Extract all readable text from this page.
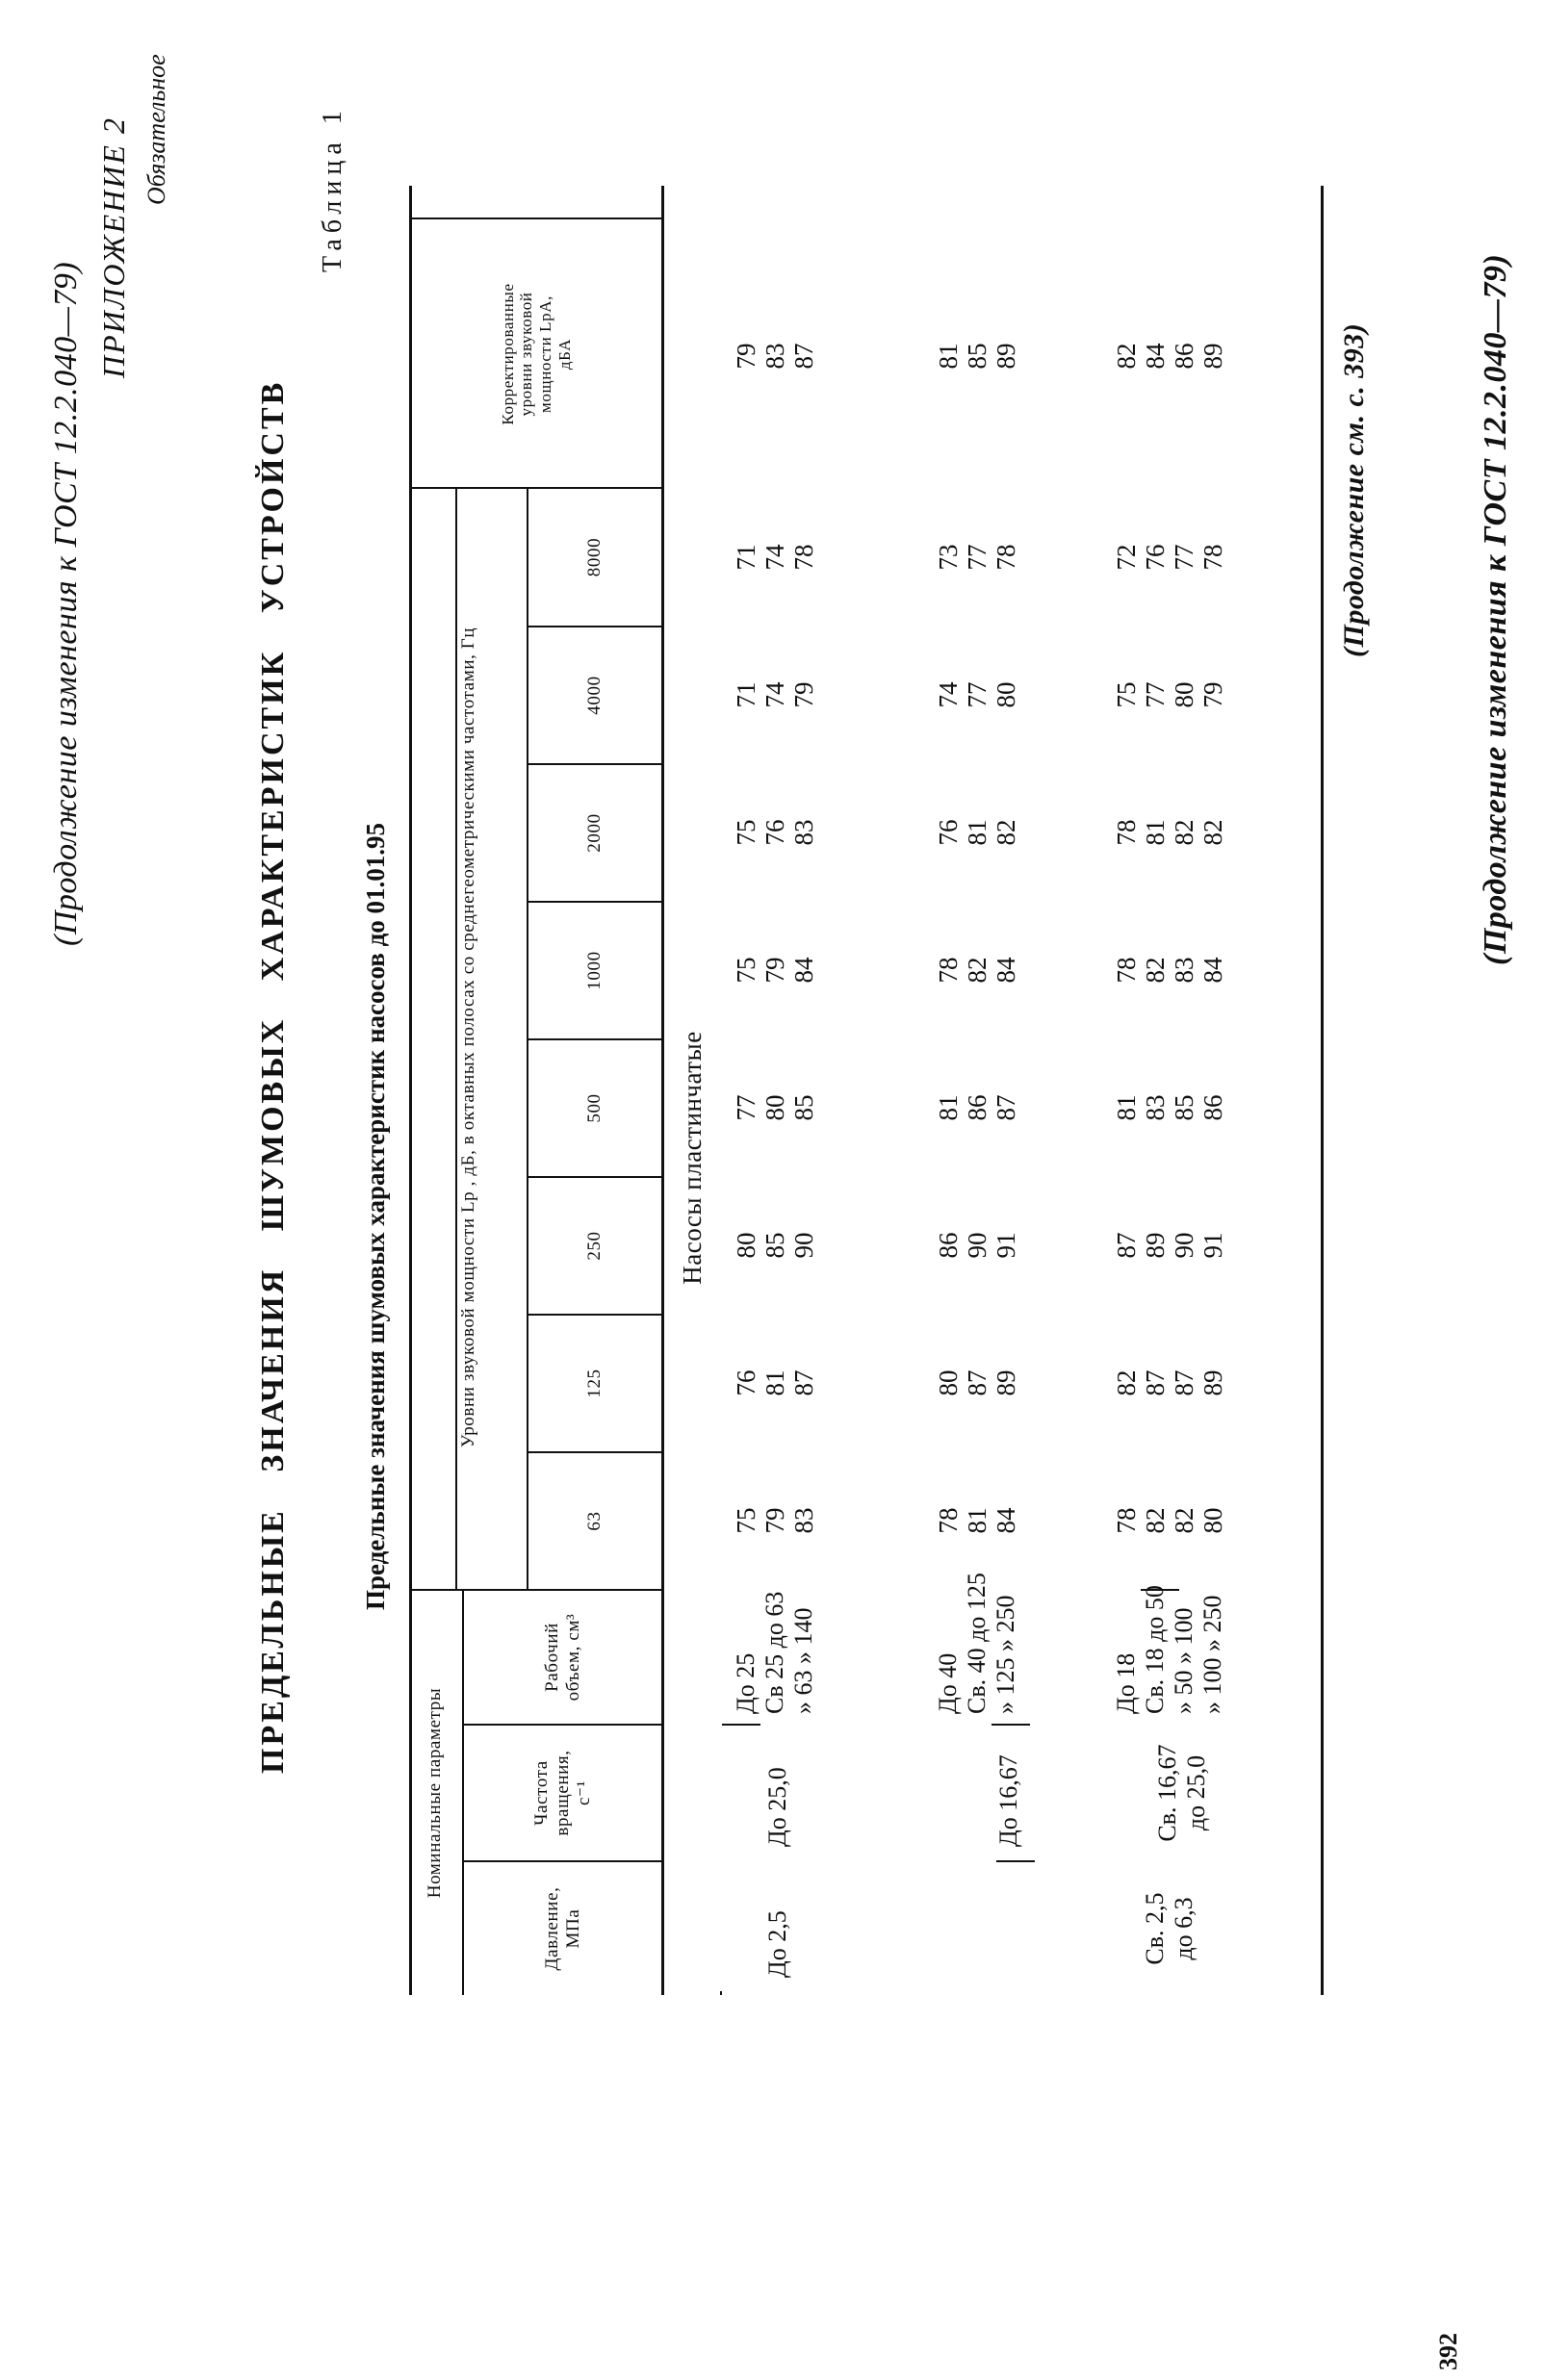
(Продолжение изменения к ГОСТ 12.2.040—79)
ПРИЛОЖЕНИЕ 2 Обязательное
ПРЕДЕЛЬНЫЕ ЗНАЧЕНИЯ ШУМОВЫХ ХАРАКТЕРИСТИК УСТРОЙСТВ
Таблица 1
Предельные значения шумовых характеристик насосов до 01.01.95
Номинальные параметры
Давление, МПа
Частота вращения, с⁻¹
Рабочий объем, см³
Уровни звуковой мощности Lp , дБ, в октавных полосах со среднегеометрическими частотами, Гц
Корректированные уровни звуковой мощности LpA, дБА
63
125
250
500
1000
2000
4000
8000
Насосы пластинчатые
До 2,5
До 25,0
До 25 Св 25 до 63 » 63 » 140
75 79 83
76 81 87
80 85 90
77 80 85
75 79 84
75 76 83
71 74 79
71 74 78
79 83 87
Св. 2,5 до 6,3
До 16,67
До 40 Св. 40 до 125 » 125 » 250
78 81 84
80 87 89
86 90 91
81 86 87
78 82 84
76 81 82
74 77 80
73 77 78
81 85 89
Св. 16,67 до 25,0
До 18 Св. 18 до 50 » 50 » 100 » 100 » 250
78 82 82 80
82 87 87 89
87 89 90 91
81 83 85 86
78 82 83 84
78 81 82 82
75 77 80 79
72 76 77 78
82 84 86 89	(Продолжение см. с. 393)	(Продолжение изменения к ГОСТ 12.2.040—79)
392
